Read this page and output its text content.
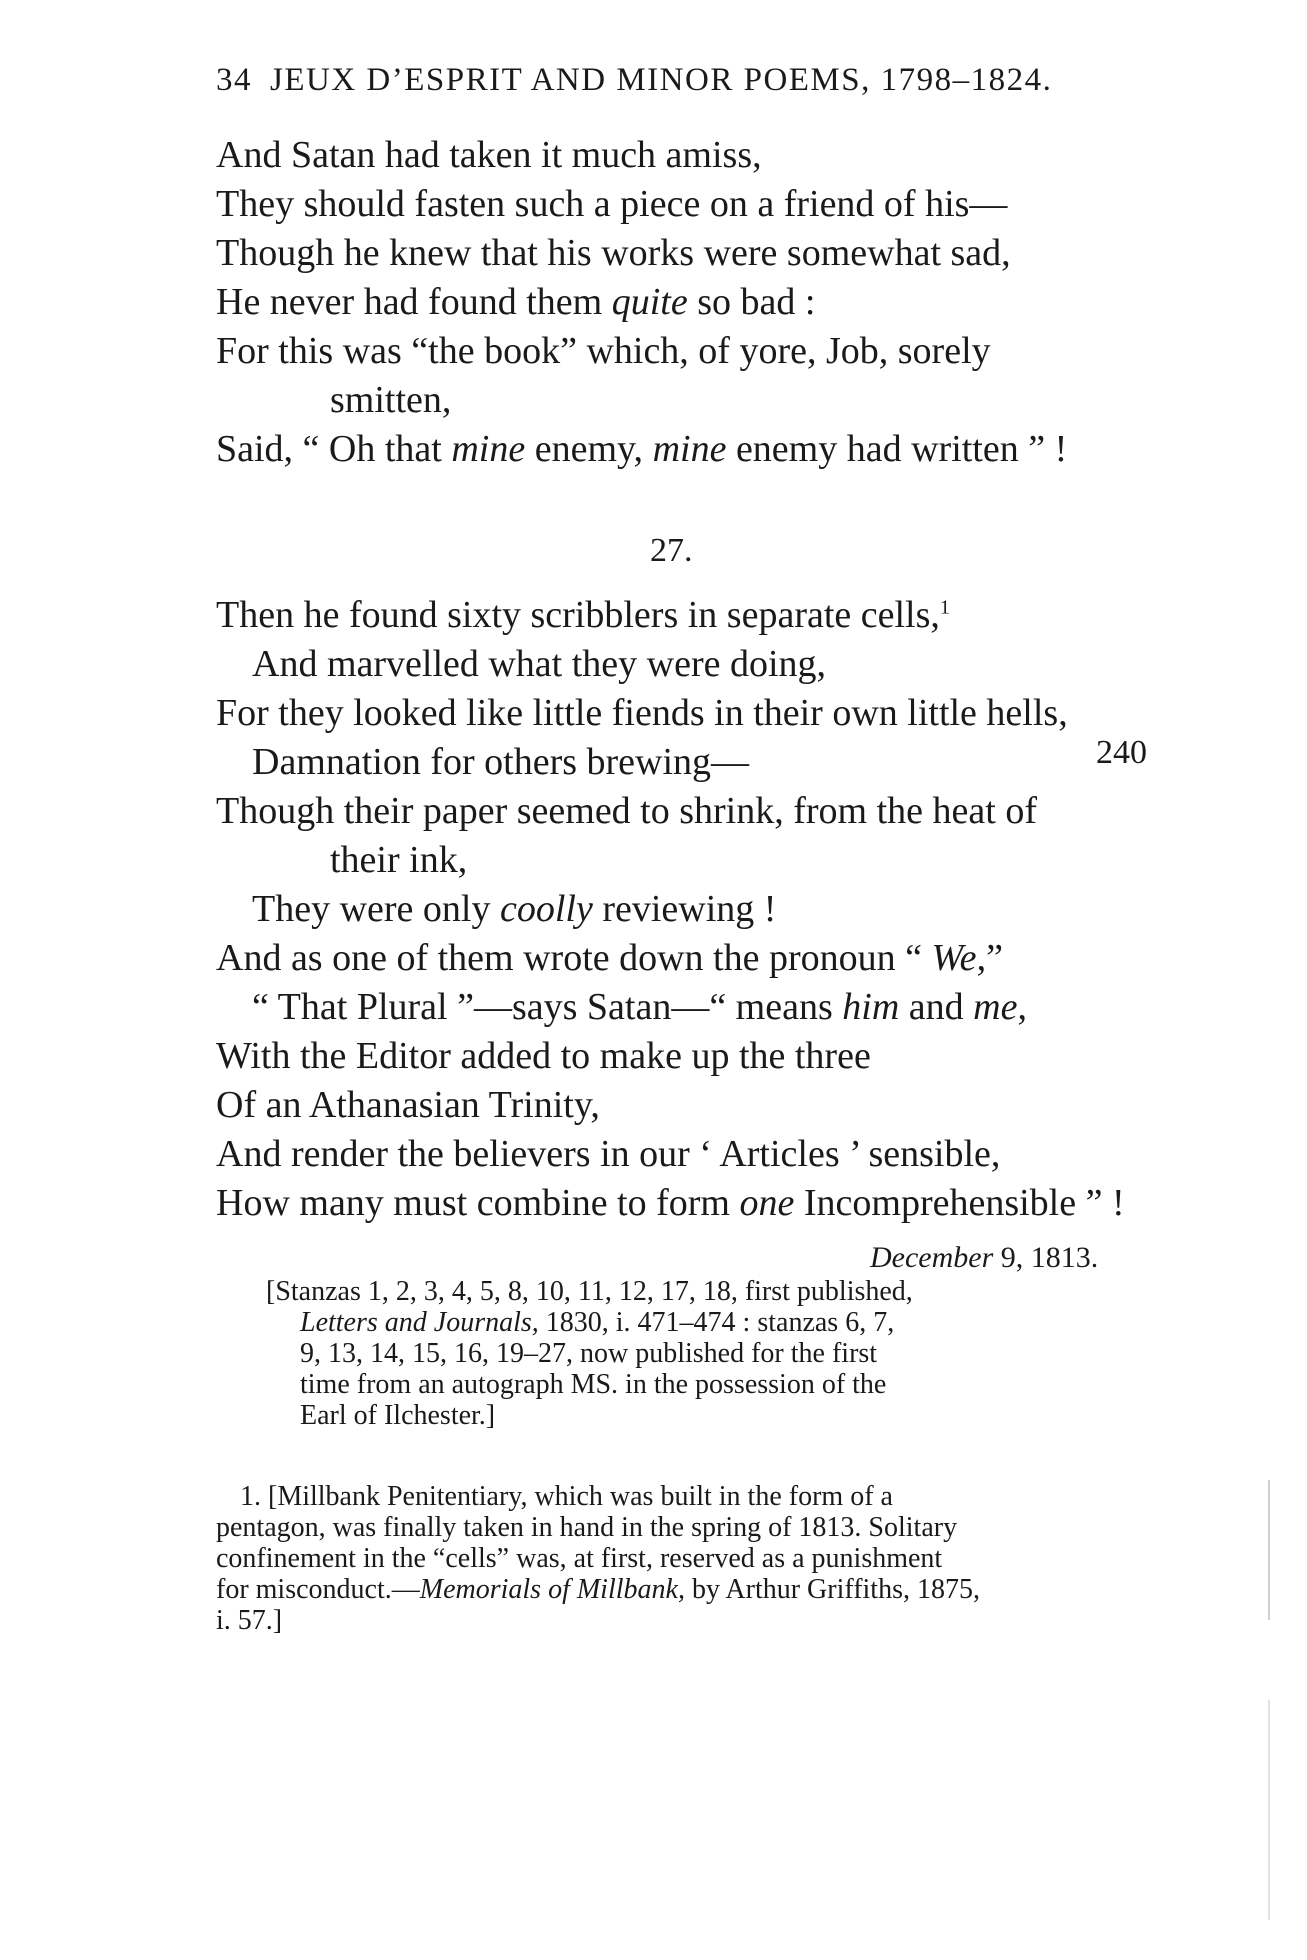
34 JEUX D’ESPRIT AND MINOR POEMS, 1798–1824.
And Satan had taken it much amiss,
They should fasten such a piece on a friend of his—
Though he knew that his works were somewhat sad,
He never had found them quite so bad :
For this was “the book” which, of yore, Job, sorely
smitten,
Said, “ Oh that mine enemy, mine enemy had written ” !
27.
Then he found sixty scribblers in separate cells,$^1$
And marvelled what they were doing,
For they looked like little fiends in their own little hells,
Damnation for others brewing—	240
Though their paper seemed to shrink, from the heat of
their ink,
They were only coolly reviewing !
And as one of them wrote down the pronoun “ We,”
“ That Plural ”—says Satan—“ means him and me,
With the Editor added to make up the three
Of an Athanasian Trinity,
And render the believers in our ‘ Articles ’ sensible,
How many must combine to form one Incomprehensible ” !
December 9, 1813.
[Stanzas 1, 2, 3, 4, 5, 8, 10, 11, 12, 17, 18, first published,
Letters and Journals, 1830, i. 471–474 : stanzas 6, 7,
9, 13, 14, 15, 16, 19–27, now published for the first
time from an autograph MS. in the possession of the
Earl of Ilchester.]
1. [Millbank Penitentiary, which was built in the form of a
pentagon, was finally taken in hand in the spring of 1813. Solitary
confinement in the “cells” was, at first, reserved as a punishment
for misconduct.—Memorials of Millbank, by Arthur Griffiths, 1875,
i. 57.]
